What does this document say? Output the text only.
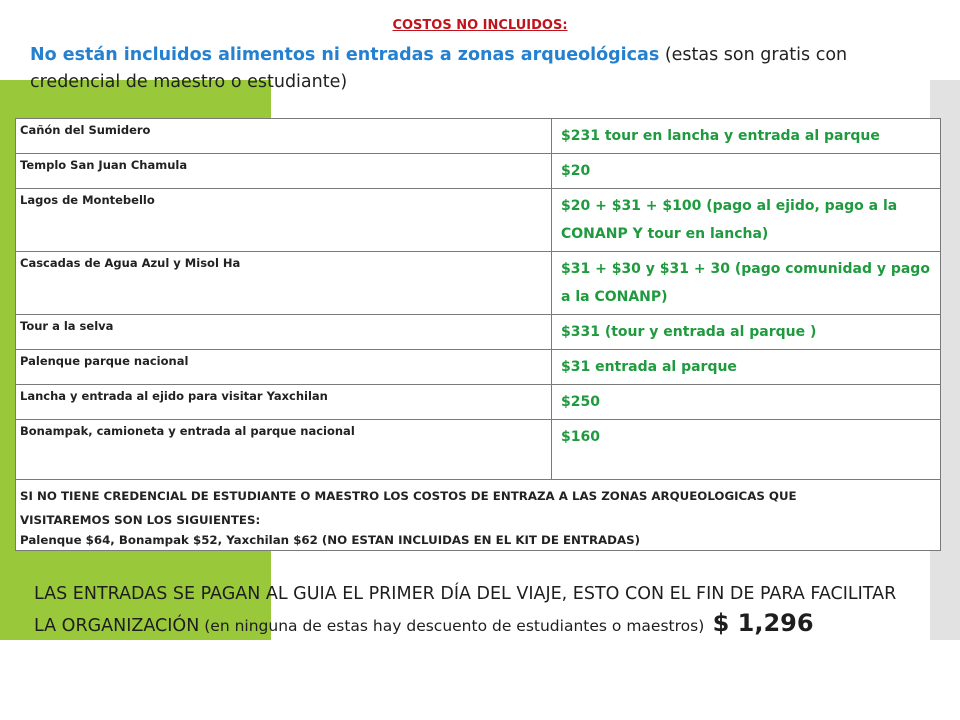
COSTOS NO INCLUIDOS:
No están incluidos alimentos ni entradas a zonas arqueológicas (estas son gratis con credencial de maestro o estudiante)
Cañón del Sumidero	$231 tour en lancha y entrada al parque
Templo San Juan Chamula	$20
Lagos de Montebello	$20 + $31 + $100 (pago al ejido, pago a la CONANP Y tour en lancha)
Cascadas de Agua Azul y Misol Ha	$31 + $30 y $31 + 30 (pago comunidad y pago a la CONANP)
Tour a la selva	$331 (tour y entrada al parque )
Palenque parque nacional	$31 entrada al parque
Lancha y entrada al ejido para visitar Yaxchilan	$250
Bonampak, camioneta y entrada al parque nacional	$160

SI NO TIENE CREDENCIAL DE ESTUDIANTE O MAESTRO LOS COSTOS DE ENTRAZA A LAS ZONAS ARQUEOLOGICAS QUE
VISITAREMOS SON LOS SIGUIENTES:
Palenque $64, Bonampak $52, Yaxchilan $62 (NO ESTAN INCLUIDAS EN EL KIT DE ENTRADAS)	
LAS ENTRADAS SE PAGAN AL GUIA EL PRIMER DÍA DEL VIAJE, ESTO CON EL FIN DE PARA FACILITAR LA ORGANIZACIÓN (en ninguna de estas hay descuento de estudiantes o maestros) $ 1,296
